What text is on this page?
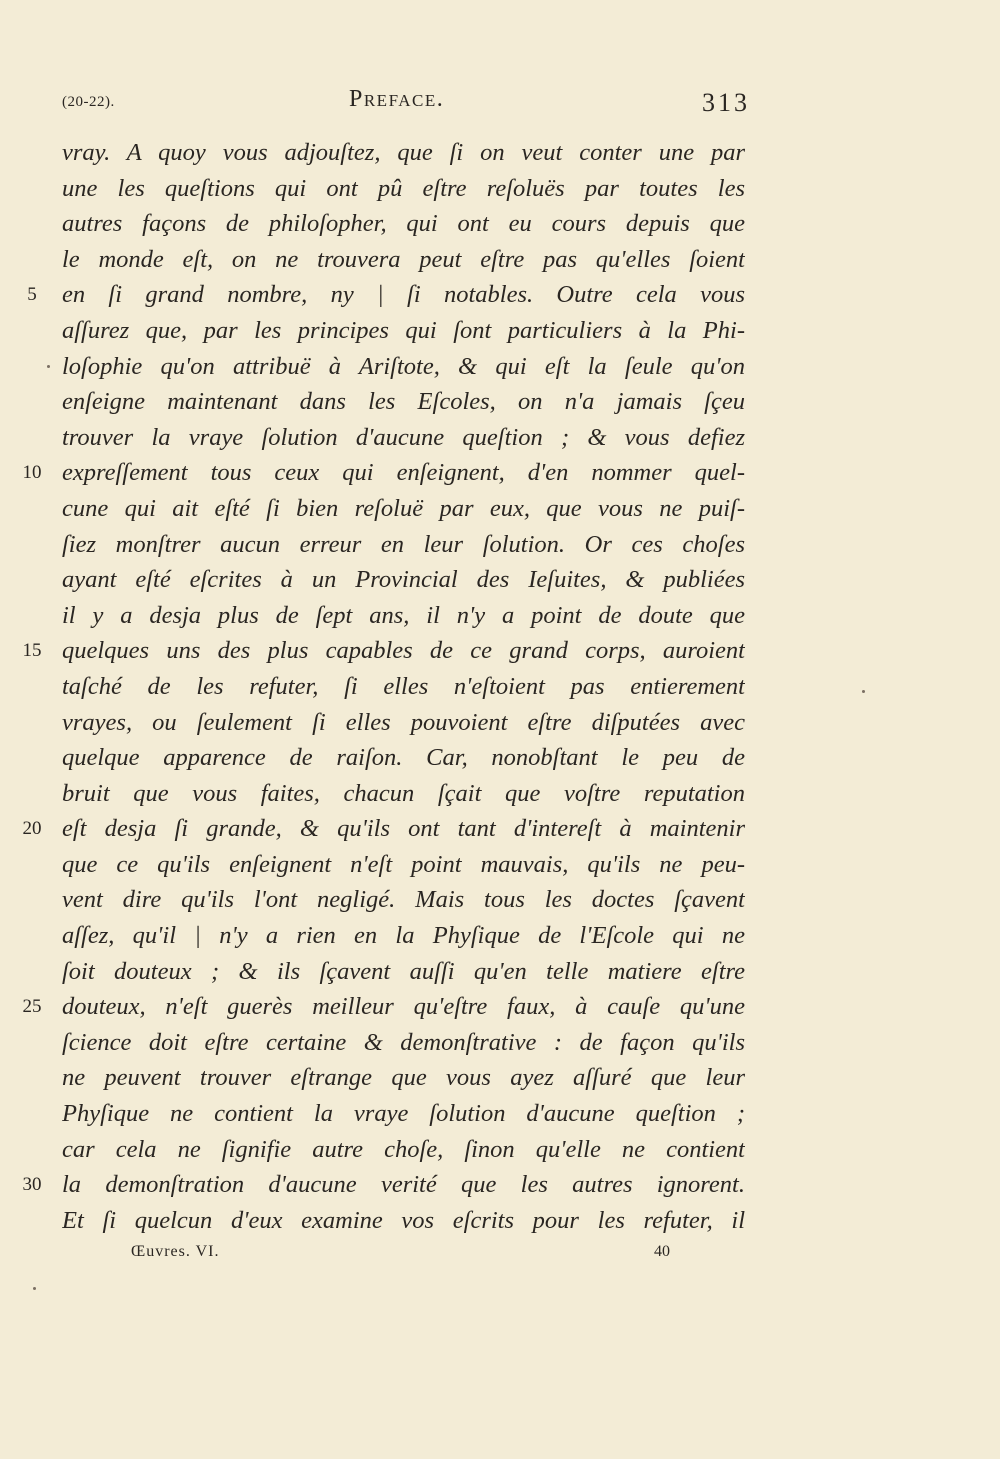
(20-22).	Preface.	313
vray. A quoy vous adjouſtez, que ſi on veut conter une par
une les queſtions qui ont pû eſtre reſoluës par toutes les
autres façons de philoſopher, qui ont eu cours depuis que
le monde eſt, on ne trouvera peut eſtre pas qu'elles ſoient
5 en ſi grand nombre, ny | ſi notables. Outre cela vous
aſſurez que, par les principes qui ſont particuliers à la Phi-
loſophie qu'on attribuë à Ariſtote, & qui eſt la ſeule qu'on
enſeigne maintenant dans les Eſcoles, on n'a jamais ſçeu
trouver la vraye ſolution d'aucune queſtion ; & vous defiez
10 expreſſement tous ceux qui enſeignent, d'en nommer quel-
cune qui ait eſté ſi bien reſoluë par eux, que vous ne puiſ-
ſiez monſtrer aucun erreur en leur ſolution. Or ces choſes
ayant eſté eſcrites à un Provincial des Ieſuites, & publiées
il y a desja plus de ſept ans, il n'y a point de doute que
15 quelques uns des plus capables de ce grand corps, auroient
taſché de les refuter, ſi elles n'eſtoient pas entierement
vrayes, ou ſeulement ſi elles pouvoient eſtre diſputées avec
quelque apparence de raiſon. Car, nonobſtant le peu de
bruit que vous faites, chacun ſçait que voſtre reputation
20 eſt desja ſi grande, & qu'ils ont tant d'intereſt à maintenir
que ce qu'ils enſeignent n'eſt point mauvais, qu'ils ne peu-
vent dire qu'ils l'ont negligé. Mais tous les doctes ſçavent
aſſez, qu'il | n'y a rien en la Phyſique de l'Eſcole qui ne
ſoit douteux ; & ils ſçavent auſſi qu'en telle matiere eſtre
25 douteux, n'eſt guerès meilleur qu'eſtre faux, à cauſe qu'une
ſcience doit eſtre certaine & demonſtrative : de façon qu'ils
ne peuvent trouver eſtrange que vous ayez aſſuré que leur
Phyſique ne contient la vraye ſolution d'aucune queſtion ;
car cela ne ſignifie autre choſe, ſinon qu'elle ne contient
30 la demonſtration d'aucune verité que les autres ignorent.
Et ſi quelcun d'eux examine vos eſcrits pour les refuter, il
Œuvres. VI.	40
